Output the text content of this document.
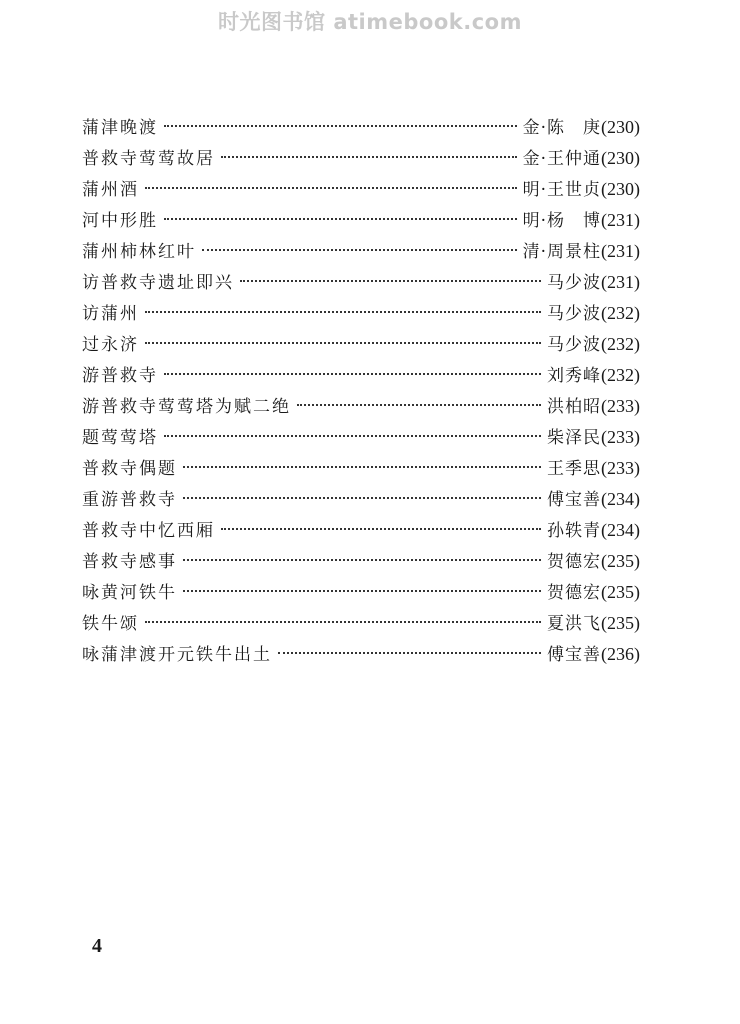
时光图书馆 atimebook.com
蒲津晚渡	金·陈　庚 (230)
普救寺莺莺故居	金·王仲通 (230)
蒲州酒	明·王世贞 (230)
河中形胜	明·杨　博 (231)
蒲州柿林红叶	清·周景柱 (231)
访普救寺遗址即兴	马少波 (231)
访蒲州	马少波 (232)
过永济	马少波 (232)
游普救寺	刘秀峰 (232)
游普救寺莺莺塔为赋二绝	洪柏昭 (233)
题莺莺塔	柴泽民 (233)
普救寺偶题	王季思 (233)
重游普救寺	傅宝善 (234)
普救寺中忆西厢	孙轶青 (234)
普救寺感事	贺德宏 (235)
咏黄河铁牛	贺德宏 (235)
铁牛颂	夏洪飞 (235)
咏蒲津渡开元铁牛出土	傅宝善 (236)
4
